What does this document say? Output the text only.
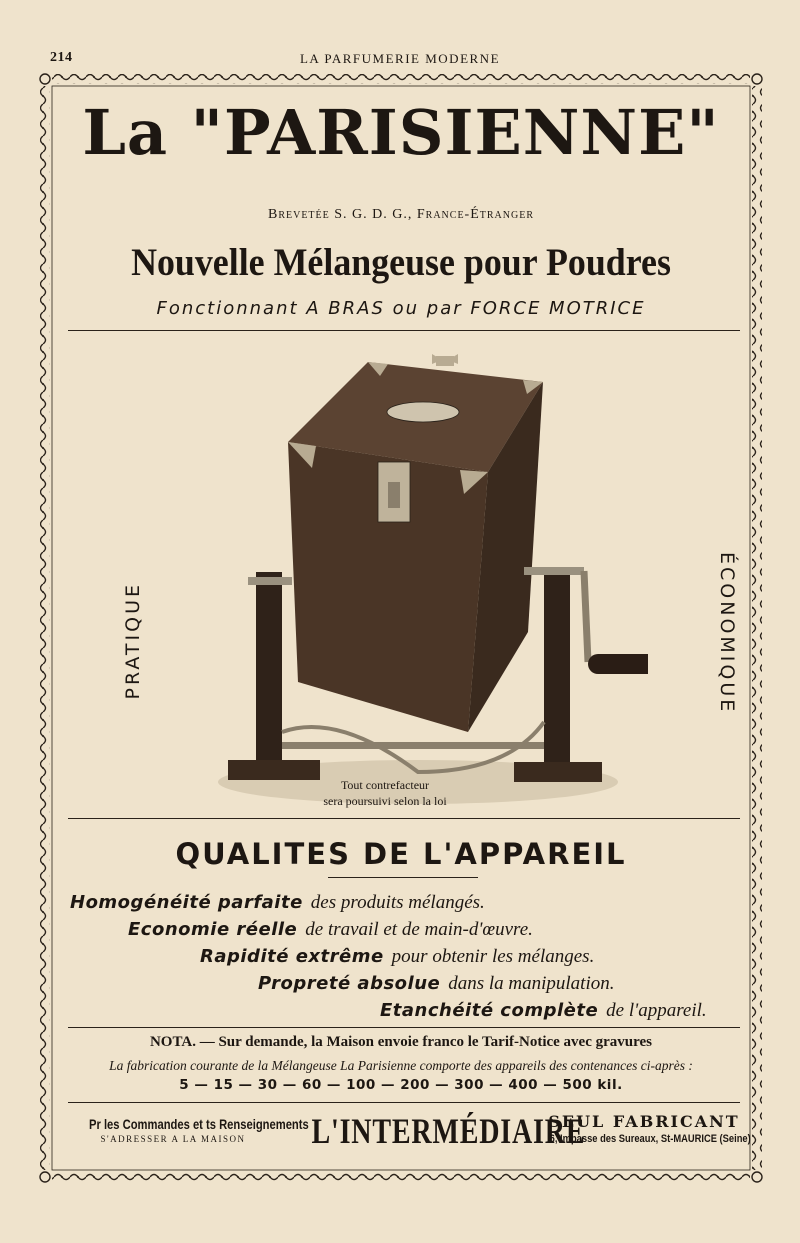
214	LA PARFUMERIE MODERNE
La "PARISIENNE"
Brevetée S. G. D. G., France-Étranger
Nouvelle Mélangeuse pour Poudres
Fonctionnant A BRAS ou par FORCE MOTRICE
PRATIQUE	ÉCONOMIQUE
Tout contrefacteur
sera poursuivi selon la loi
QUALITES DE L'APPAREIL
Homogénéité parfaite des produits mélangés.
Economie réelle de travail et de main-d'œuvre.
Rapidité extrême pour obtenir les mélanges.
Propreté absolue dans la manipulation.
Etanchéité complète de l'appareil.
NOTA. — Sur demande, la Maison envoie franco le Tarif-Notice avec gravures
La fabrication courante de la Mélangeuse La Parisienne comporte des appareils des contenances ci-après :
5 — 15 — 30 — 60 — 100 — 200 — 300 — 400 — 500 kil.
Pr les Commandes et ts Renseignements
S'ADRESSER A LA MAISON	L'INTERMÉDIAIRE
SEUL FABRICANT
6, Impasse des Sureaux, St-MAURICE (Seine)
